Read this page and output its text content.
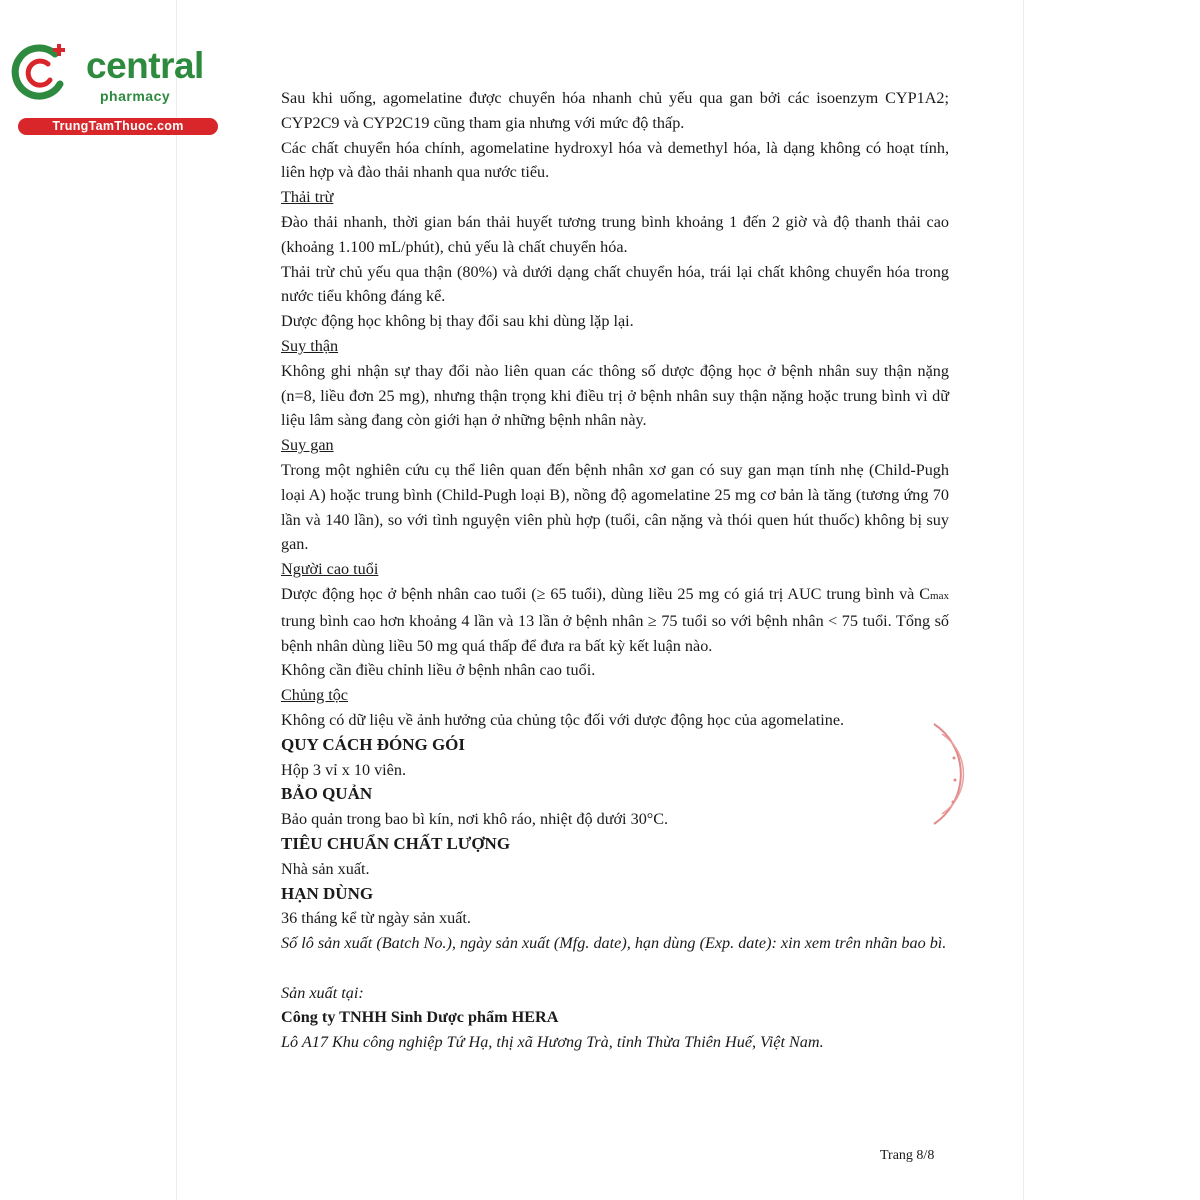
central
pharmacy
TrungTamThuoc.com

Sau khi uống, agomelatine được chuyển hóa nhanh chủ yếu qua gan bởi các isoenzym CYP1A2; CYP2C9 và CYP2C19 cũng tham gia nhưng với mức độ thấp.

Các chất chuyển hóa chính, agomelatine hydroxyl hóa và demethyl hóa, là dạng không có hoạt tính, liên hợp và đào thải nhanh qua nước tiểu.

Thải trừ

Đào thải nhanh, thời gian bán thải huyết tương trung bình khoảng 1 đến 2 giờ và độ thanh thải cao (khoảng 1.100 mL/phút), chủ yếu là chất chuyển hóa.

Thải trừ chủ yếu qua thận (80%) và dưới dạng chất chuyển hóa, trái lại chất không chuyển hóa trong nước tiểu không đáng kể.

Dược động học không bị thay đổi sau khi dùng lặp lại.

Suy thận

Không ghi nhận sự thay đổi nào liên quan các thông số dược động học ở bệnh nhân suy thận nặng (n=8, liều đơn 25 mg), nhưng thận trọng khi điều trị ở bệnh nhân suy thận nặng hoặc trung bình vì dữ liệu lâm sàng đang còn giới hạn ở những bệnh nhân này.

Suy gan

Trong một nghiên cứu cụ thể liên quan đến bệnh nhân xơ gan có suy gan mạn tính nhẹ (Child-Pugh loại A) hoặc trung bình (Child-Pugh loại B), nồng độ agomelatine 25 mg cơ bản là tăng (tương ứng 70 lần và 140 lần), so với tình nguyện viên phù hợp (tuổi, cân nặng và thói quen hút thuốc) không bị suy gan.

Người cao tuổi

Dược động học ở bệnh nhân cao tuổi (≥ 65 tuổi), dùng liều 25 mg có giá trị AUC trung bình và Cmax trung bình cao hơn khoảng 4 lần và 13 lần ở bệnh nhân ≥ 75 tuổi so với bệnh nhân < 75 tuổi. Tổng số bệnh nhân dùng liều 50 mg quá thấp để đưa ra bất kỳ kết luận nào.

Không cần điều chỉnh liều ở bệnh nhân cao tuổi.

Chủng tộc

Không có dữ liệu về ảnh hưởng của chủng tộc đối với dược động học của agomelatine.

QUY CÁCH ĐÓNG GÓI

Hộp 3 vỉ x 10 viên.

BẢO QUẢN

Bảo quản trong bao bì kín, nơi khô ráo, nhiệt độ dưới 30°C.

TIÊU CHUẨN CHẤT LƯỢNG

Nhà sản xuất.

HẠN DÙNG

36 tháng kể từ ngày sản xuất.

Số lô sản xuất (Batch No.), ngày sản xuất (Mfg. date), hạn dùng (Exp. date): xin xem trên nhãn bao bì.

Sản xuất tại:

Công ty TNHH Sinh Dược phẩm HERA

Lô A17 Khu công nghiệp Tứ Hạ, thị xã Hương Trà, tỉnh Thừa Thiên Huế, Việt Nam.

Trang 8/8
